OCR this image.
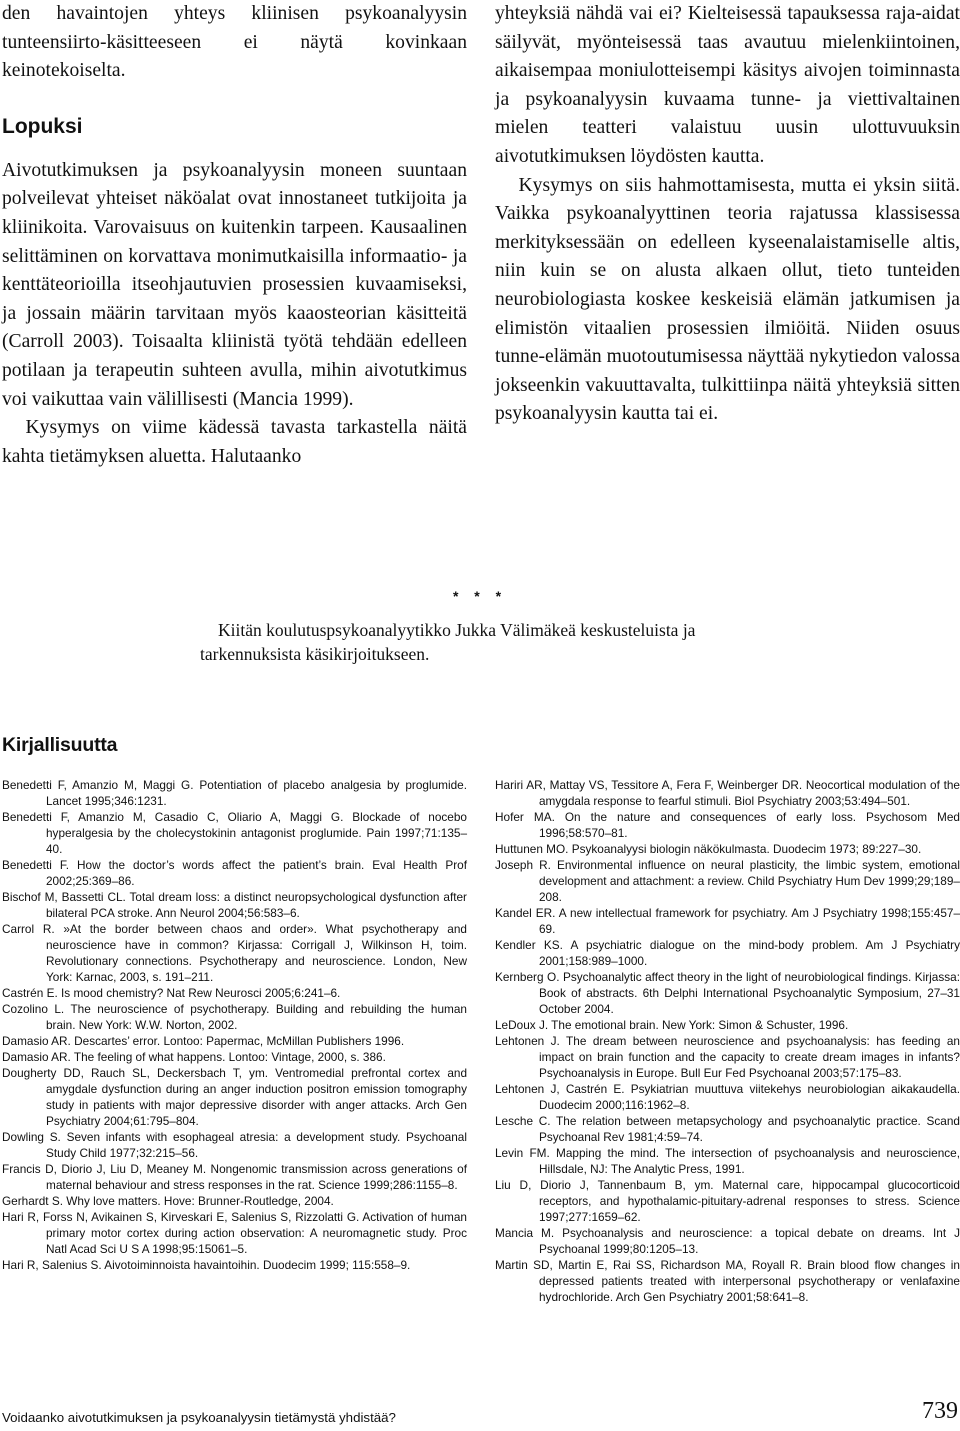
den havaintojen yhteys kliinisen psykoanalyysin tunteensiirto-käsitteeseen ei näytä kovinkaan keinotekoiselta.

Lopuksi

Aivotutkimuksen ja psykoanalyysin moneen suuntaan polveilevat yhteiset näköalat ovat innostaneet tutkijoita ja kliinikoita. Varovaisuus on kuitenkin tarpeen. Kausaalinen selittäminen on korvattava monimutkaisilla informaatio- ja kenttäteorioilla itseohjautuvien prosessien kuvaamiseksi, ja jossain määrin tarvitaan myös kaaosteorian käsitteitä (Carroll 2003). Toisaalta kliinistä työtä tehdään edelleen potilaan ja terapeutin suhteen avulla, mihin aivotutkimus voi vaikuttaa vain välillisesti (Mancia 1999).

Kysymys on viime kädessä tavasta tarkastella näitä kahta tietämyksen aluetta. Halutaanko

yhteyksiä nähdä vai ei? Kielteisessä tapauksessa raja-aidat säilyvät, myönteisessä taas avautuu mielenkiintoinen, aikaisempaa moniulotteisempi käsitys aivojen toiminnasta ja psykoanalyysin kuvaama tunne- ja viettivaltainen mielen teatteri valaistuu uusin ulottuvuuksin aivotutkimuksen löydösten kautta.

Kysymys on siis hahmottamisesta, mutta ei yksin siitä. Vaikka psykoanalyyttinen teoria rajatussa klassisessa merkityksessään on edelleen kyseenalaistamiselle altis, niin kuin se on alusta alkaen ollut, tieto tunteiden neurobiologiasta koskee keskeisiä elämän jatkumisen ja elimistön vitaalien prosessien ilmiöitä. Niiden osuus tunne-elämän muotoutumisessa näyttää nykytiedon valossa jokseenkin vakuuttavalta, tulkittiinpa näitä yhteyksiä sitten psykoanalyysin kautta tai ei.

* * *
Kiitän koulutuspsykoanalyytikko Jukka Välimäkeä keskusteluista ja tarkennuksista käsikirjoitukseen.
Kirjallisuutta
Benedetti F, Amanzio M, Maggi G. Potentiation of placebo analgesia by proglumide. Lancet 1995;346:1231.
Benedetti F, Amanzio M, Casadio C, Oliario A, Maggi G. Blockade of nocebo hyperalgesia by the cholecystokinin antagonist proglumide. Pain 1997;71:135–40.
Benedetti F. How the doctor’s words affect the patient’s brain. Eval Health Prof 2002;25:369–86.
Bischof M, Bassetti CL. Total dream loss: a distinct neuropsychological dysfunction after bilateral PCA stroke. Ann Neurol 2004;56:583–6.
Carrol R. »At the border between chaos and order». What psychotherapy and neuroscience have in common? Kirjassa: Corrigall J, Wilkinson H, toim. Revolutionary connections. Psychotherapy and neuroscience. London, New York: Karnac, 2003, s. 191–211.
Castrén E. Is mood chemistry? Nat Rew Neurosci 2005;6:241–6.
Cozolino L. The neuroscience of psychotherapy. Building and rebuilding the human brain. New York: W.W. Norton, 2002.
Damasio AR. Descartes’ error. Lontoo: Papermac, McMillan Publishers 1996.
Damasio AR. The feeling of what happens. Lontoo: Vintage, 2000, s. 386.
Dougherty DD, Rauch SL, Deckersbach T, ym. Ventromedial prefrontal cortex and amygdale dysfunction during an anger induction positron emission tomography study in patients with major depressive disorder with anger attacks. Arch Gen Psychiatry 2004;61:795–804.
Dowling S. Seven infants with esophageal atresia: a development study. Psychoanal Study Child 1977;32:215–56.
Francis D, Diorio J, Liu D, Meaney M. Nongenomic transmission across generations of maternal behaviour and stress responses in the rat. Science 1999;286:1155–8.
Gerhardt S. Why love matters. Hove: Brunner-Routledge, 2004.
Hari R, Forss N, Avikainen S, Kirveskari E, Salenius S, Rizzolatti G. Activation of human primary motor cortex during action observation: A neuromagnetic study. Proc Natl Acad Sci U S A 1998;95:15061–5.
Hari R, Salenius S. Aivotoiminnoista havaintoihin. Duodecim 1999; 115:558–9.
Hariri AR, Mattay VS, Tessitore A, Fera F, Weinberger DR. Neocortical modulation of the amygdala response to fearful stimuli. Biol Psychiatry 2003;53:494–501.
Hofer MA. On the nature and consequences of early loss. Psychosom Med 1996;58:570–81.
Huttunen MO. Psykoanalyysi biologin näkökulmasta. Duodecim 1973; 89:227–30.
Joseph R. Environmental influence on neural plasticity, the limbic system, emotional development and attachment: a review. Child Psychiatry Hum Dev 1999;29;189–208.
Kandel ER. A new intellectual framework for psychiatry. Am J Psychiatry 1998;155:457–69.
Kendler KS. A psychiatric dialogue on the mind-body problem. Am J Psychiatry 2001;158:989–1000.
Kernberg O. Psychoanalytic affect theory in the light of neurobiological findings. Kirjassa: Book of abstracts. 6th Delphi International Psychoanalytic Symposium, 27–31 October 2004.
LeDoux J. The emotional brain. New York: Simon & Schuster, 1996.
Lehtonen J. The dream between neuroscience and psychoanalysis: has feeding an impact on brain function and the capacity to create dream images in infants? Psychoanalysis in Europe. Bull Eur Fed Psychoanal 2003;57:175–83.
Lehtonen J, Castrén E. Psykiatrian muuttuva viitekehys neurobiologian aikakaudella. Duodecim 2000;116:1962–8.
Lesche C. The relation between metapsychology and psychoanalytic practice. Scand Psychoanal Rev 1981;4:59–74.
Levin FM. Mapping the mind. The intersection of psychoanalysis and neuroscience, Hillsdale, NJ: The Analytic Press, 1991.
Liu D, Diorio J, Tannenbaum B, ym. Maternal care, hippocampal glucocorticoid receptors, and hypothalamic-pituitary-adrenal responses to stress. Science 1997;277:1659–62.
Mancia M. Psychoanalysis and neuroscience: a topical debate on dreams. Int J Psychoanal 1999;80:1205–13.
Martin SD, Martin E, Rai SS, Richardson MA, Royall R. Brain blood flow changes in depressed patients treated with interpersonal psychotherapy or venlafaxine hydrochloride. Arch Gen Psychiatry 2001;58:641–8.
Voidaanko aivotutkimuksen ja psykoanalyysin tietämystä yhdistää?	739
